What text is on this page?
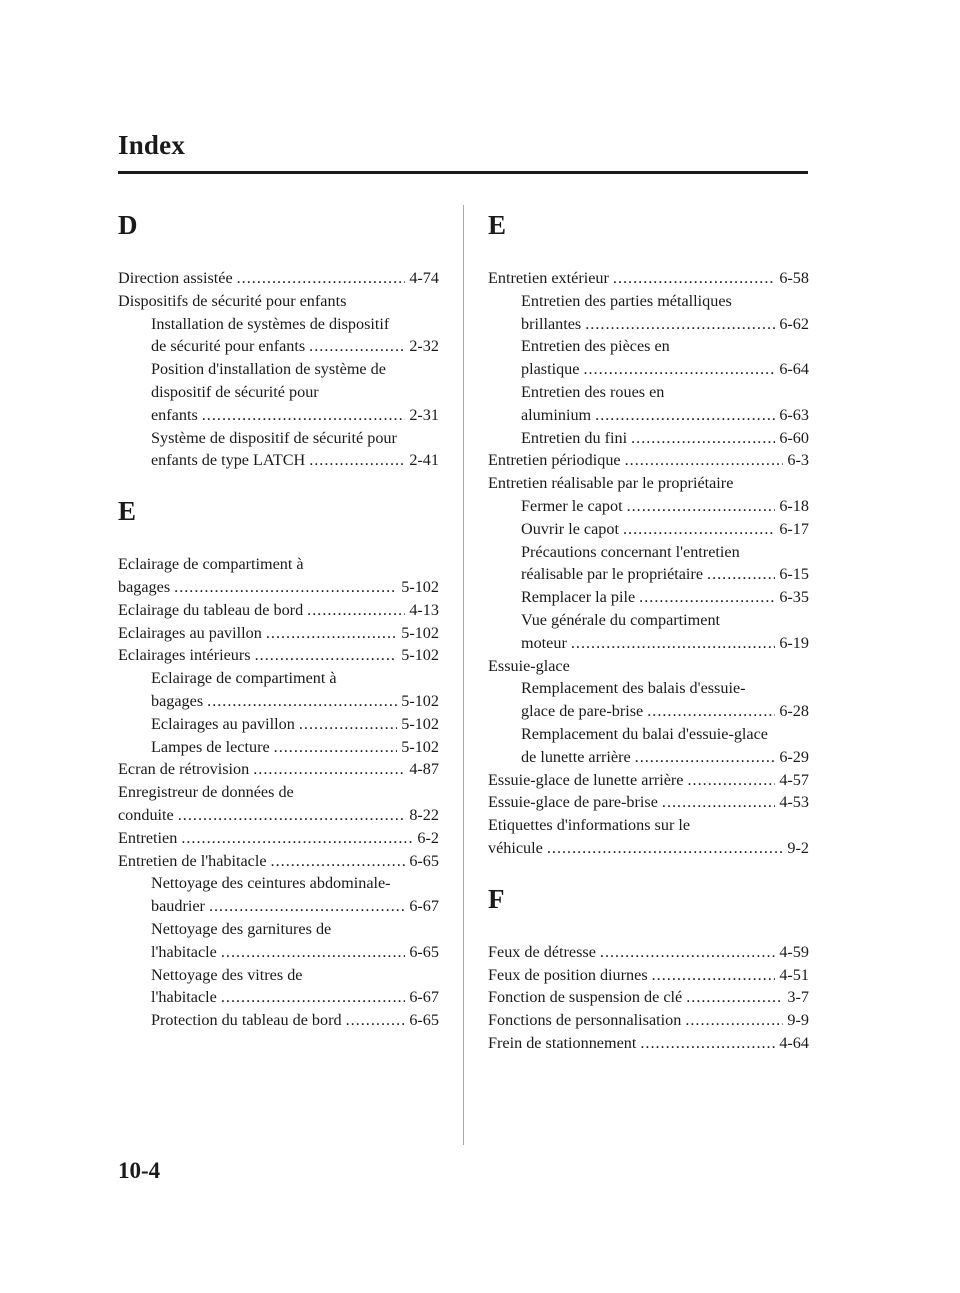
Index
D
Direction assistée .....	4-74
Dispositifs de sécurité pour enfants
Installation de systèmes de dispositif
de sécurité pour enfants .....	2-32
Position d'installation de système de
dispositif de sécurité pour
enfants .....	2-31
Système de dispositif de sécurité pour
enfants de type LATCH .....	2-41
E
Eclairage de compartiment à
bagages .....	5-102
Eclairage du tableau de bord .....	4-13
Eclairages au pavillon .....	5-102
Eclairages intérieurs .....	5-102
Eclairage de compartiment à
bagages .....	5-102
Eclairages au pavillon .....	5-102
Lampes de lecture .....	5-102
Ecran de rétrovision .....	4-87
Enregistreur de données de
conduite .....	8-22
Entretien .....	6-2
Entretien de l'habitacle .....	6-65
Nettoyage des ceintures abdominale-
baudrier .....	6-67
Nettoyage des garnitures de
l'habitacle .....	6-65
Nettoyage des vitres de
l'habitacle .....	6-67
Protection du tableau de bord .....	6-65
E
Entretien extérieur .....	6-58
Entretien des parties métalliques
brillantes .....	6-62
Entretien des pièces en
plastique .....	6-64
Entretien des roues en
aluminium .....	6-63
Entretien du fini .....	6-60
Entretien périodique .....	6-3
Entretien réalisable par le propriétaire
Fermer le capot .....	6-18
Ouvrir le capot .....	6-17
Précautions concernant l'entretien
réalisable par le propriétaire .....	6-15
Remplacer la pile .....	6-35
Vue générale du compartiment
moteur .....	6-19
Essuie-glace
Remplacement des balais d'essuie-
glace de pare-brise .....	6-28
Remplacement du balai d'essuie-glace
de lunette arrière .....	6-29
Essuie-glace de lunette arrière .....	4-57
Essuie-glace de pare-brise .....	4-53
Etiquettes d'informations sur le
véhicule .....	9-2
F
Feux de détresse .....	4-59
Feux de position diurnes .....	4-51
Fonction de suspension de clé .....	3-7
Fonctions de personnalisation .....	9-9
Frein de stationnement .....	4-64
10-4
